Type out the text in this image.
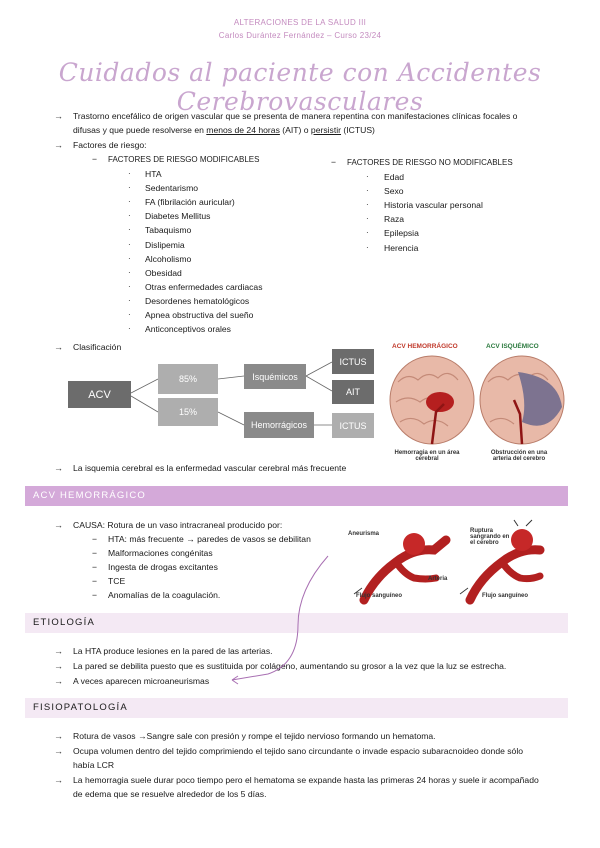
ALTERACIONES DE LA SALUD III
Carlos Durántez Fernández – Curso 23/24
Cuidados al paciente con Accidentes Cerebrovasculares
→ Trastorno encefálico de origen vascular que se presenta de manera repentina con manifestaciones clínicas focales o
difusas y que puede resolverse en menos de 24 horas (AIT) o persistir (ICTUS)
→ Factores de riesgo:
− FACTORES DE RIESGO MODIFICABLES
· HTA
· Sedentarismo
· FA (fibrilación auricular)
· Diabetes Mellitus
· Tabaquismo
· Dislipemia
· Alcoholismo
· Obesidad
· Otras enfermedades cardiacas
· Desordenes hematológicos
· Apnea obstructiva del sueño
· Anticonceptivos orales
− FACTORES DE RIESGO NO MODIFICABLES
· Edad
· Sexo
· Historia vascular personal
· Raza
· Epilepsia
· Herencia
→ Clasificación
ACV
85%
15%
Isquémicos
Hemorrágicos
ICTUS
AIT
ICTUS
ACV HEMORRÁGICO	ACV ISQUÉMICO
Hemorragia en un área cerebral
Obstrucción en una arteria del cerebro
→ La isquemia cerebral es la enfermedad vascular cerebral más frecuente
ACV HEMORRÁGICO
→ CAUSA: Rotura de un vaso intracraneal producido por:
− HTA: más frecuente → paredes de vasos se debilitan
− Malformaciones congénitas
− Ingesta de drogas excitantes
− TCE
− Anomalías de la coagulación.
Aneurisma
Arteria
Flujo sanguíneo
Ruptura sangrando en el cerebro
Flujo sanguíneo
ETIOLOGÍA
→ La HTA produce lesiones en la pared de las arterias.
→ La pared se debilita puesto que es sustituida por colágeno, aumentando su grosor a la vez que la luz se estrecha.
→ A veces aparecen microaneurismas
FISIOPATOLOGÍA
→ Rotura de vasos →Sangre sale con presión y rompe el tejido nervioso formando un hematoma.
→ Ocupa volumen dentro del tejido comprimiendo el tejido sano circundante o invade espacio subaracnoideo donde sólo
había LCR
→ La hemorragia suele durar poco tiempo pero el hematoma se expande hasta las primeras 24 horas y suele ir acompañado
de edema que se resuelve alrededor de los 5 días.
